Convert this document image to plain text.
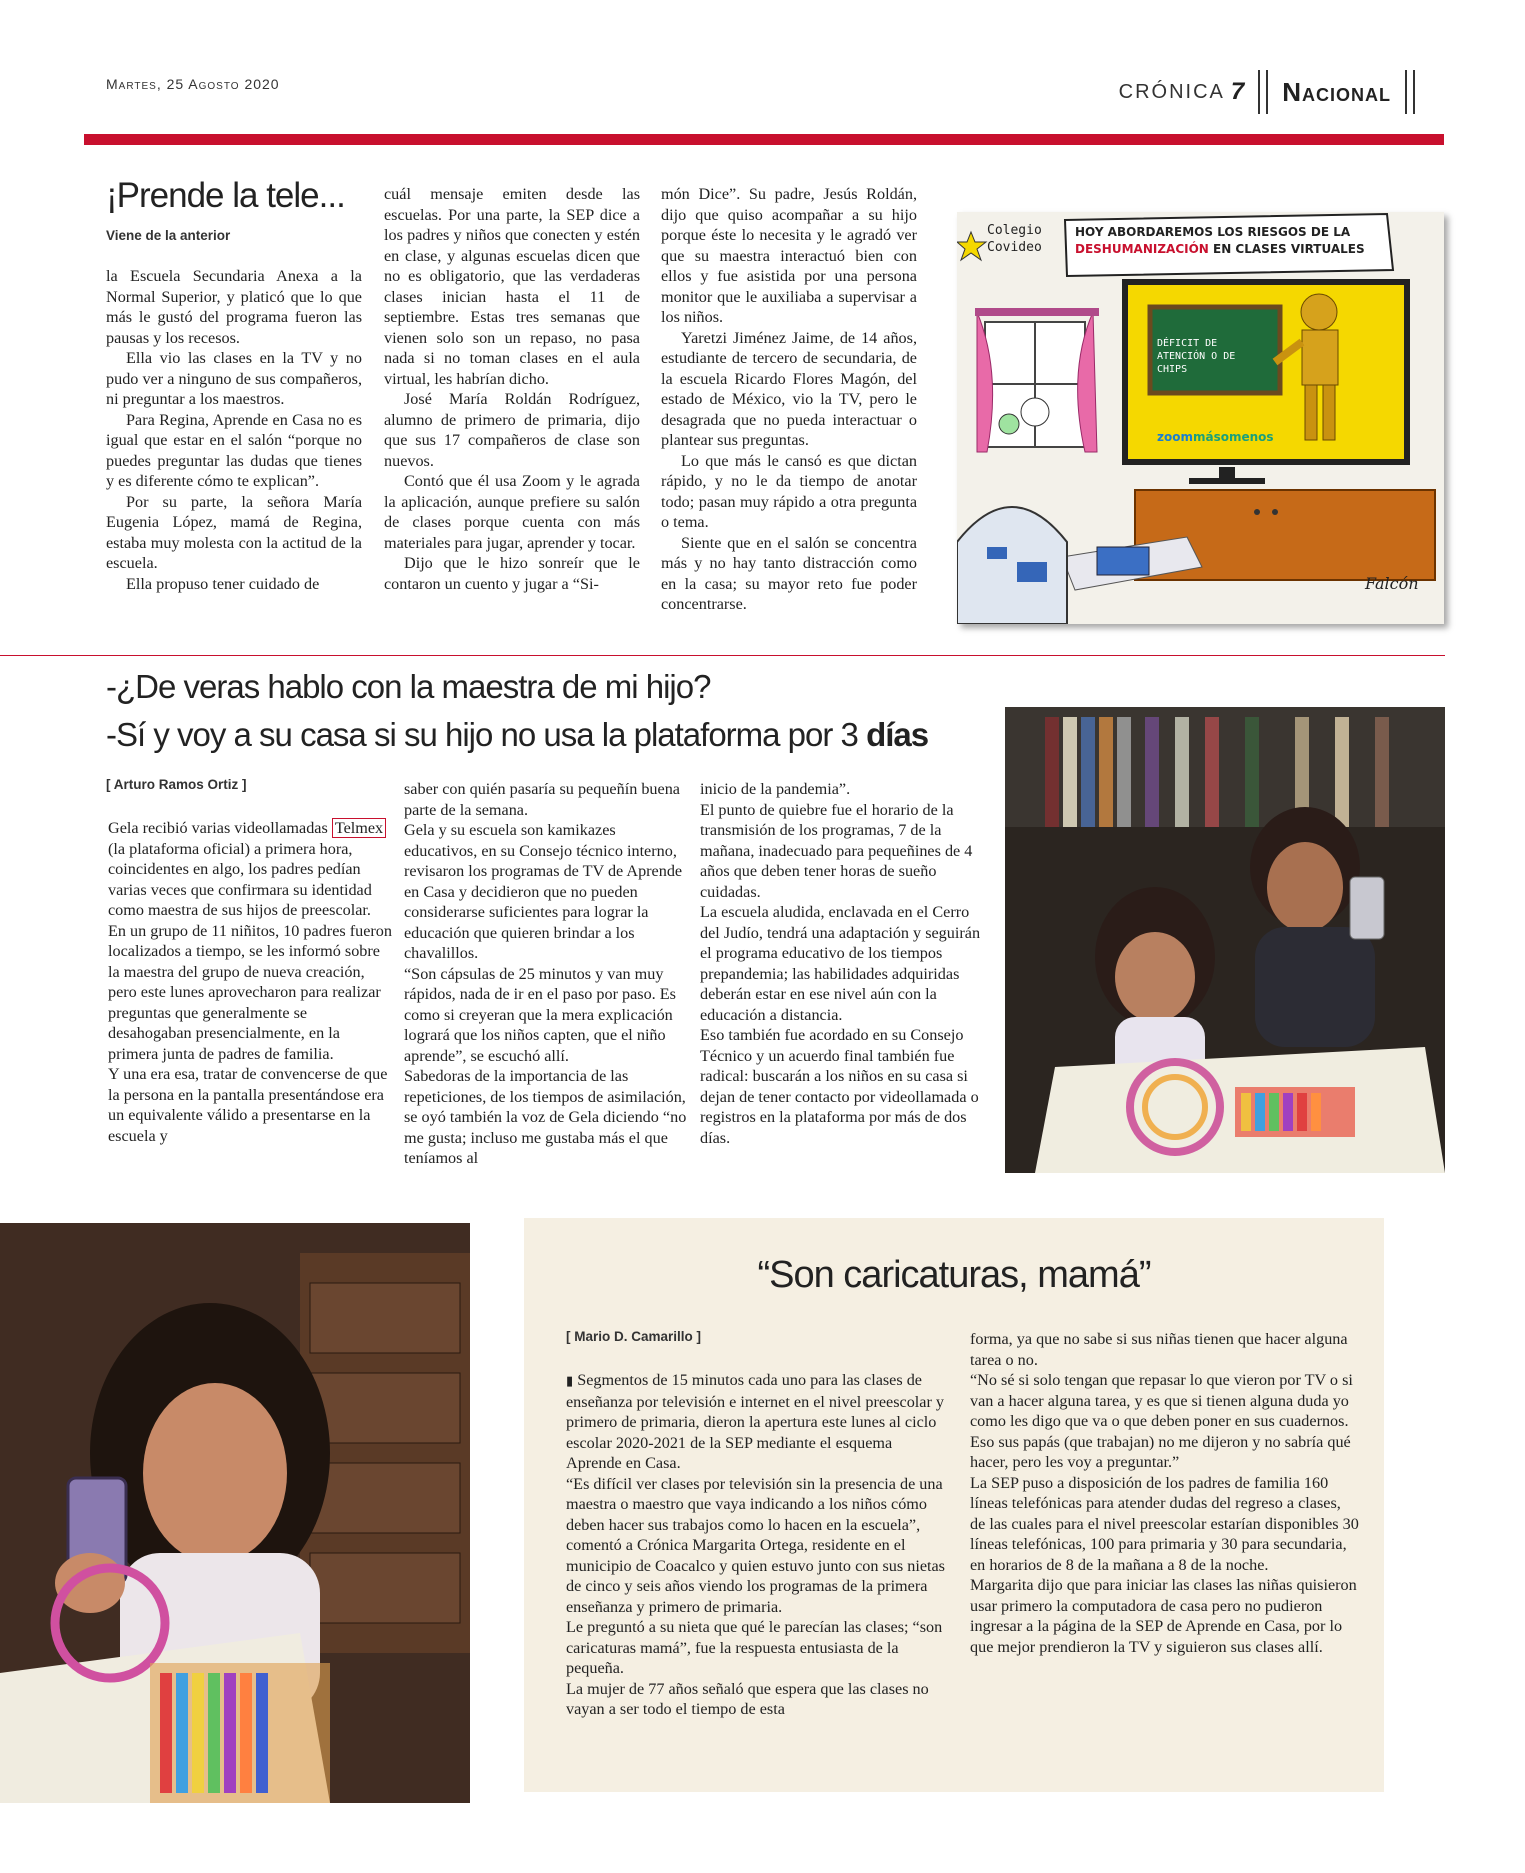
Martes, 25 Agosto 2020	CRÓNICA 7 Nacional
¡Prende la tele...
Viene de la anterior

la Escuela Secundaria Anexa a la Normal Superior, y platicó que lo que más le gustó del programa fueron las pausas y los recesos.

Ella vio las clases en la TV y no pudo ver a ninguno de sus compañeros, ni preguntar a los maestros.

Para Regina, Aprende en Casa no es igual que estar en el salón “porque no puedes preguntar las dudas que tienes y es diferente cómo te explican”.

Por su parte, la señora María Eugenia López, mamá de Regina, estaba muy molesta con la actitud de la escuela.

Ella propuso tener cuidado de

cuál mensaje emiten desde las escuelas. Por una parte, la SEP dice a los padres y niños que conecten y estén en clase, y algunas escuelas dicen que no es obligatorio, que las verdaderas clases inician hasta el 11 de septiembre. Estas tres semanas que vienen solo son un repaso, no pasa nada si no toman clases en el aula virtual, les habrían dicho.

José María Roldán Rodríguez, alumno de primero de primaria, dijo que sus 17 compañeros de clase son nuevos.

Contó que él usa Zoom y le agrada la aplicación, aunque prefiere su salón de clases porque cuenta con más materiales para jugar, aprender y tocar.

Dijo que le hizo sonreír que le contaron un cuento y jugar a “Si-

món Dice”. Su padre, Jesús Roldán, dijo que quiso acompañar a su hijo porque éste lo necesita y le agradó ver que su maestra interactuó bien con ellos y fue asistida por una persona monitor que le auxiliaba a supervisar a los niños.

Yaretzi Jiménez Jaime, de 14 años, estudiante de tercero de secundaria, de la escuela Ricardo Flores Magón, del estado de México, vio la TV, pero le desagrada que no pueda interactuar o plantear sus preguntas.

Lo que más le cansó es que dictan rápido, y no le da tiempo de anotar todo; pasan muy rápido a otra pregunta o tema.

Siente que en el salón se concentra más y no hay tanto distracción como en la casa; su mayor reto fue poder concentrarse.

Colegio Covideo
HOY ABORDAREMOS LOS RIESGOS DE LA DESHUMANIZACIÓN EN CLASES VIRTUALES
DÉFICIT DE ATENCIÓN O DE CHIPS
zoommásomenos
Falcón
-¿De veras hablo con la maestra de mi hijo?
-Sí y voy a su casa si su hijo no usa la plataforma por 3 días
[ Arturo Ramos Ortiz ]

Gela recibió varias videollamadas Telmex (la plataforma oficial) a primera hora, coincidentes en algo, los padres pedían varias veces que confirmara su identidad como maestra de sus hijos de preescolar.

En un grupo de 11 niñitos, 10 padres fueron localizados a tiempo, se les informó sobre la maestra del grupo de nueva creación, pero este lunes aprovecharon para realizar preguntas que generalmente se desahogaban presencialmente, en la primera junta de padres de familia.

Y una era esa, tratar de convencerse de que la persona en la pantalla presentándose era un equivalente válido a presentarse en la escuela y

saber con quién pasaría su pequeñín buena parte de la semana.

Gela y su escuela son kamikazes educativos, en su Consejo técnico interno, revisaron los programas de TV de Aprende en Casa y decidieron que no pueden considerarse suficientes para lograr la educación que quieren brindar a los chavalillos.

“Son cápsulas de 25 minutos y van muy rápidos, nada de ir en el paso por paso. Es como si creyeran que la mera explicación logrará que los niños capten, que el niño aprende”, se escuchó allí.

Sabedoras de la importancia de las repeticiones, de los tiempos de asimilación, se oyó también la voz de Gela diciendo “no me gusta; incluso me gustaba más el que teníamos al

inicio de la pandemia”.

El punto de quiebre fue el horario de la transmisión de los programas, 7 de la mañana, inadecuado para pequeñines de 4 años que deben tener horas de sueño cuidadas.

La escuela aludida, enclavada en el Cerro del Judío, tendrá una adaptación y seguirán el programa educativo de los tiempos prepandemia; las habilidades adquiridas deberán estar en ese nivel aún con la educación a distancia.

Eso también fue acordado en su Consejo Técnico y un acuerdo final también fue radical: buscarán a los niños en su casa si dejan de tener contacto por videollamada o registros en la plataforma por más de dos días.

“Son caricaturas, mamá”
[ Mario D. Camarillo ]

▮ Segmentos de 15 minutos cada uno para las clases de enseñanza por televisión e internet en el nivel preescolar y primero de primaria, dieron la apertura este lunes al ciclo escolar 2020-2021 de la SEP mediante el esquema Aprende en Casa.

“Es difícil ver clases por televisión sin la presencia de una maestra o maestro que vaya indicando a los niños cómo deben hacer sus trabajos como lo hacen en la escuela”, comentó a Crónica Margarita Ortega, residente en el municipio de Coacalco y quien estuvo junto con sus nietas de cinco y seis años viendo los programas de la primera enseñanza y primero de primaria.

Le preguntó a su nieta que qué le parecían las clases; “son caricaturas mamá”, fue la respuesta entusiasta de la pequeña.

La mujer de 77 años señaló que espera que las clases no vayan a ser todo el tiempo de esta

forma, ya que no sabe si sus niñas tienen que hacer alguna tarea o no.

“No sé si solo tengan que repasar lo que vieron por TV o si van a hacer alguna tarea, y es que si tienen alguna duda yo como les digo que va o que deben poner en sus cuadernos. Eso sus papás (que trabajan) no me dijeron y no sabría qué hacer, pero les voy a preguntar.”

La SEP puso a disposición de los padres de familia 160 líneas telefónicas para atender dudas del regreso a clases, de las cuales para el nivel preescolar estarían disponibles 30 líneas telefónicas, 100 para primaria y 30 para secundaria, en horarios de 8 de la mañana a 8 de la noche.

Margarita dijo que para iniciar las clases las niñas quisieron usar primero la computadora de casa pero no pudieron ingresar a la página de la SEP de Aprende en Casa, por lo que mejor prendieron la TV y siguieron sus clases allí.
